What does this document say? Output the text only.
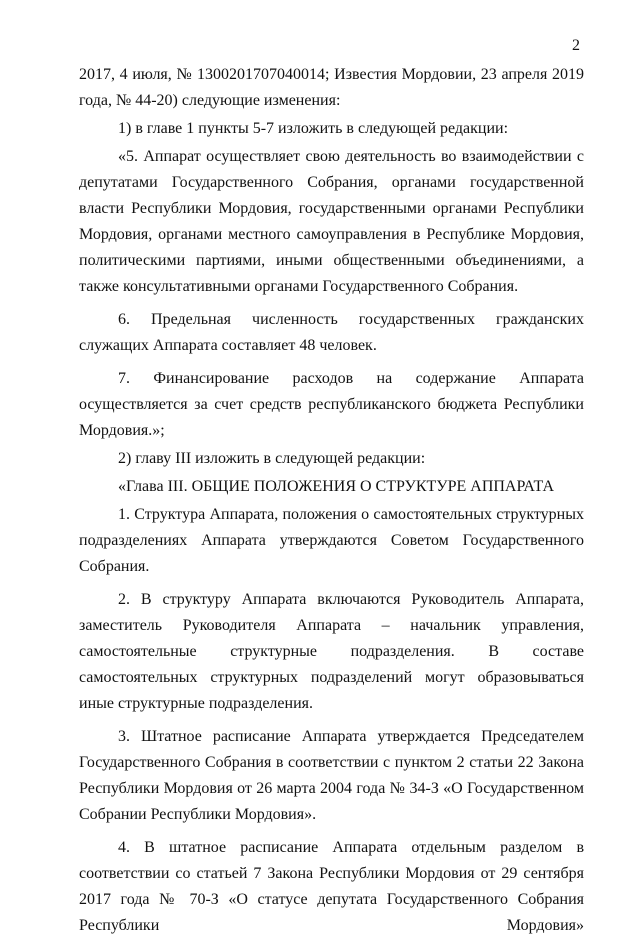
2

2017, 4 июля, № 1300201707040014; Известия Мордовии, 23 апреля 2019 года, № 44-20) следующие изменения:

1) в главе 1 пункты 5-7 изложить в следующей редакции:

«5. Аппарат осуществляет свою деятельность во взаимодействии с депутатами Государственного Собрания, органами государственной власти Республики Мордовия, государственными органами Республики Мордовия, органами местного самоуправления в Республике Мордовия, политическими партиями, иными общественными объединениями, а также консультативными органами Государственного Собрания.

6. Предельная численность государственных гражданских служащих Аппарата составляет 48 человек.

7. Финансирование расходов на содержание Аппарата осуществляется за счет средств республиканского бюджета Республики Мордовия.»;

2) главу III изложить в следующей редакции:

«Глава III. ОБЩИЕ ПОЛОЖЕНИЯ О СТРУКТУРЕ АППАРАТА

1. Структура Аппарата, положения о самостоятельных структурных подразделениях Аппарата утверждаются Советом Государственного Собрания.

2. В структуру Аппарата включаются Руководитель Аппарата, заместитель Руководителя Аппарата – начальник управления, самостоятельные структурные подразделения. В составе самостоятельных структурных подразделений могут образовываться иные структурные подразделения.

3. Штатное расписание Аппарата утверждается Председателем Государственного Собрания в соответствии с пунктом 2 статьи 22 Закона Республики Мордовия от 26 марта 2004 года № 34-З «О Государственном Собрании Республики Мордовия».

4. В штатное расписание Аппарата отдельным разделом в соответствии со статьей 7 Закона Республики Мордовия от 29 сентября 2017 года № 70-З «О статусе депутата Государственного Собрания Республики Мордовия»
